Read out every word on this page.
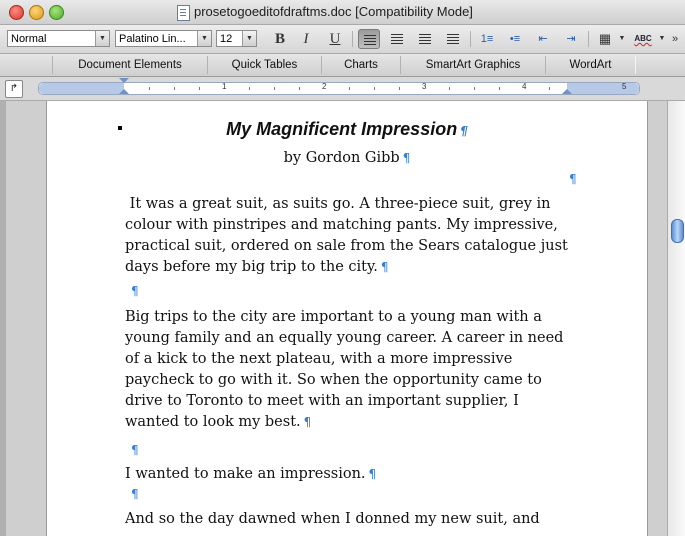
prosetogoeditofdraftms.doc [Compatibility Mode]
Normal	▼	Palatino Lin...	▼	12	▼	B	I	U	1≡	•≡	⇤	⇥	▦	▼	ABC ▼ »
Document Elements	Quick Tables	Charts	SmartArt Graphics	WordArt
↱	1	2	3	4	5
My Magnificent Impression ¶
by Gordon Gibb ¶
¶
It was a great suit, as suits go. A three-piece suit, grey in
colour with pinstripes and matching pants. My impressive,
practical suit, ordered on sale from the Sears catalogue just
days before my big trip to the city. ¶
¶
Big trips to the city are important to a young man with a
young family and an equally young career. A career in need
of a kick to the next plateau, with a more impressive
paycheck to go with it. So when the opportunity came to
drive to Toronto to meet with an important supplier, I
wanted to look my best. ¶
¶
I wanted to make an impression. ¶
¶
And so the day dawned when I donned my new suit, and
